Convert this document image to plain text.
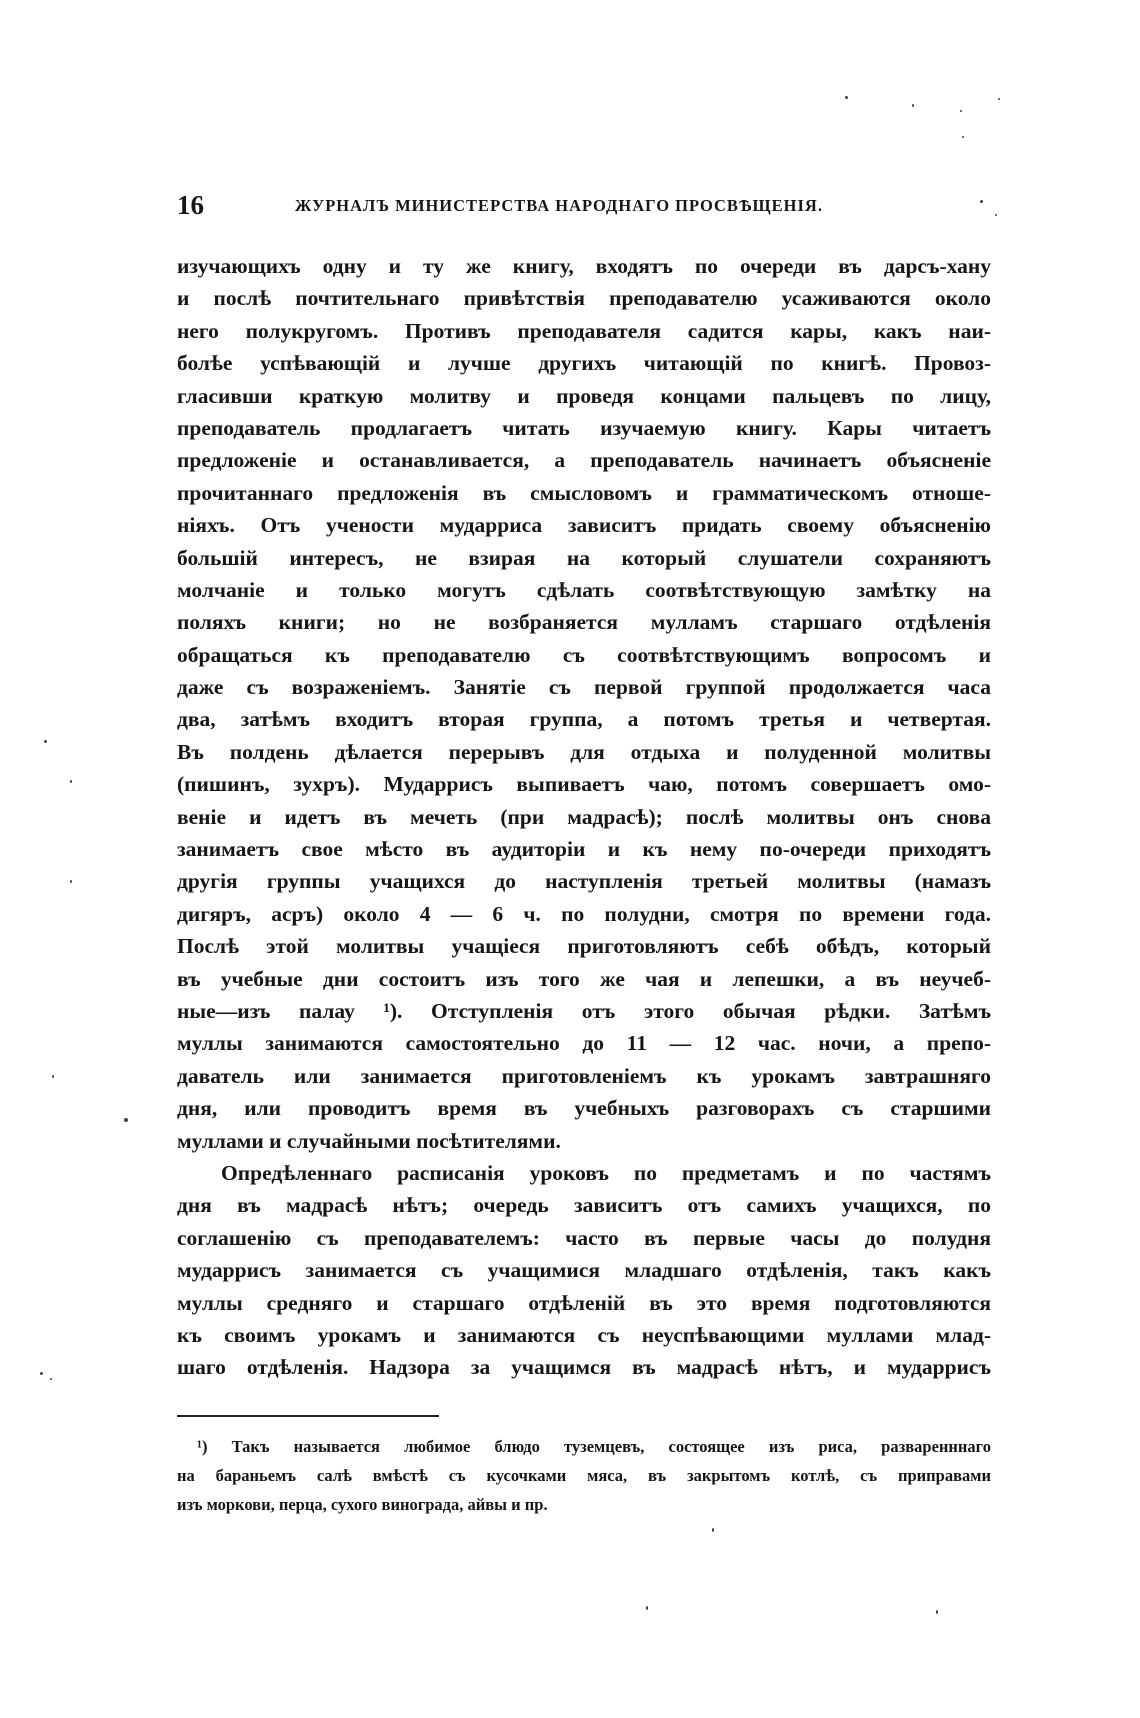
16	ЖУРНАЛЪ МИНИСТЕРСТВА НАРОДНАГО ПРОСВѢЩЕНІЯ.
изучающихъ одну и ту же книгу, входятъ по очереди въ дарсъ-хану
и послѣ почтительнаго привѣтствія преподавателю усаживаются около
него полукругомъ. Противъ преподавателя садится кары, какъ наи-
болѣе успѣвающій и лучше другихъ читающій по книгѣ. Провоз-
гласивши краткую молитву и проведя концами пальцевъ по лицу,
преподаватель продлагаетъ читать изучаемую книгу. Кары читаетъ
предложеніе и останавливается, а преподаватель начинаетъ объясненіе
прочитаннаго предложенія въ смысловомъ и грамматическомъ отноше-
ніяхъ. Отъ учености мударриса зависитъ придать своему объясненію
большій интересъ, не взирая на который слушатели сохраняютъ
молчаніе и только могутъ сдѣлать соотвѣтствующую замѣтку на
поляхъ книги; но не возбраняется мулламъ старшаго отдѣленія
обращаться къ преподавателю съ соотвѣтствующимъ вопросомъ и
даже съ возраженіемъ. Занятіе съ первой группой продолжается часа
два, затѣмъ входитъ вторая группа, а потомъ третья и четвертая.
Въ полдень дѣлается перерывъ для отдыха и полуденной молитвы
(пишинъ, зухръ). Мударрисъ выпиваетъ чаю, потомъ совершаетъ омо-
веніе и идетъ въ мечеть (при мадрасѣ); послѣ молитвы онъ снова
занимаетъ свое мѣсто въ аудиторіи и къ нему по-очереди приходятъ
другія группы учащихся до наступленія третьей молитвы (намазъ
дигяръ, асръ) около 4 — 6 ч. по полудни, смотря по времени года.
Послѣ этой молитвы учащіеся приготовляютъ себѣ обѣдъ, который
въ учебные дни состоитъ изъ того же чая и лепешки, а въ неучеб-
ные—изъ палау ¹). Отступленія отъ этого обычая рѣдки. Затѣмъ
муллы занимаются самостоятельно до 11 — 12 час. ночи, а препо-
даватель или занимается приготовленіемъ къ урокамъ завтрашняго
дня, или проводитъ время въ учебныхъ разговорахъ съ старшими
муллами и случайными посѣтителями.
Опредѣленнаго расписанія уроковъ по предметамъ и по частямъ
дня въ мадрасѣ нѣтъ; очередь зависитъ отъ самихъ учащихся, по
соглашенію съ преподавателемъ: часто въ первые часы до полудня
мударрисъ занимается съ учащимися младшаго отдѣленія, такъ какъ
муллы средняго и старшаго отдѣленій въ это время подготовляются
къ своимъ урокамъ и занимаются съ неуспѣвающими муллами млад-
шаго отдѣленія. Надзора за учащимся въ мадрасѣ нѣтъ, и мударрисъ
¹) Такъ называется любимое блюдо туземцевъ, состоящее изъ риса, разваренннаго
на бараньемъ салѣ вмѣстѣ съ кусочками мяса, въ закрытомъ котлѣ, съ приправами
изъ моркови, перца, сухого винограда, айвы и пр.
